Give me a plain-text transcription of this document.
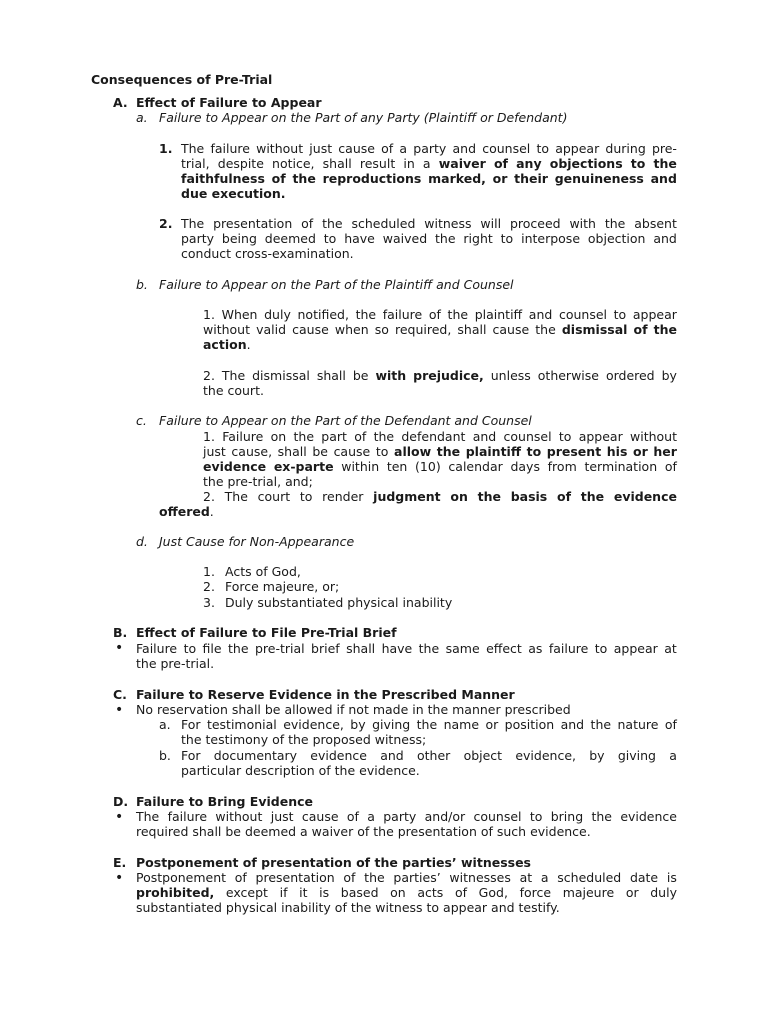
Consequences of Pre-Trial
A. Effect of Failure to Appear
a. Failure to Appear on the Part of any Party (Plaintiff or Defendant)
1. The failure without just cause of a party and counsel to appear during pre-
trial, despite notice, shall result in a waiver of any objections to the
faithfulness of the reproductions marked, or their genuineness and
due execution.
2. The presentation of the scheduled witness will proceed with the absent
party being deemed to have waived the right to interpose objection and
conduct cross-examination.
b. Failure to Appear on the Part of the Plaintiff and Counsel
1. When duly notified, the failure of the plaintiff and counsel to appear
without valid cause when so required, shall cause the dismissal of the
action .
2. The dismissal shall be with prejudice, unless otherwise ordered by
the court.
c. Failure to Appear on the Part of the Defendant and Counsel
1. Failure on the part of the defendant and counsel to appear without
just cause, shall be cause to allow the plaintiff to present his or her
evidence ex-parte within ten (10) calendar days from termination of
the pre-trial, and;
2. The court to render judgment on the basis of the evidence
offered .
d. Just Cause for Non-Appearance
1. Acts of God,
2. Force majeure, or;
3. Duly substantiated physical inability
B. Effect of Failure to File Pre-Trial Brief
• Failure to file the pre-trial brief shall have the same effect as failure to appear at
the pre-trial.
C. Failure to Reserve Evidence in the Prescribed Manner
• No reservation shall be allowed if not made in the manner prescribed
a. For testimonial evidence, by giving the name or position and the nature of
the testimony of the proposed witness;
b. For documentary evidence and other object evidence, by giving a
particular description of the evidence.
D. Failure to Bring Evidence
• The failure without just cause of a party and/or counsel to bring the evidence
required shall be deemed a waiver of the presentation of such evidence.
E. Postponement of presentation of the parties’ witnesses
• Postponement of presentation of the parties’ witnesses at a scheduled date is
prohibited, except if it is based on acts of God, force majeure or duly
substantiated physical inability of the witness to appear and testify.
